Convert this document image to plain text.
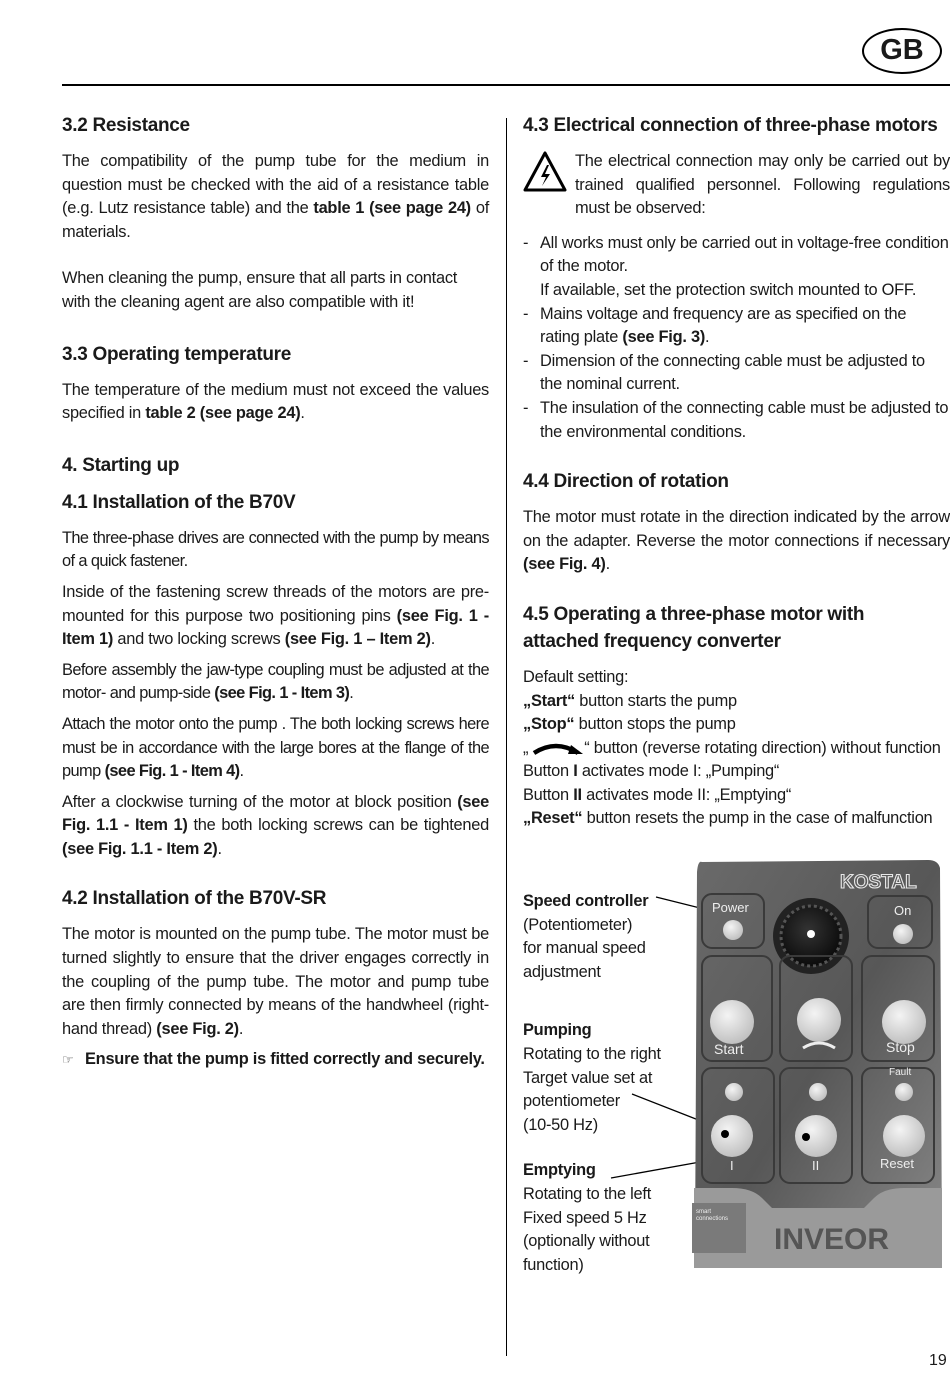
GB
3.2 Resistance

The compatibility of the pump tube for the medium in question must be checked with the aid of a resistance table (e.g. Lutz resistance table) and the table 1 (see page 24) of materials.

When cleaning the pump, ensure that all parts in contact with the cleaning agent are also compatible with it!

3.3 Operating temperature

The temperature of the medium must not exceed the values specified in table 2 (see page 24).

4. Starting up
4.1 Installation of the B70V

The three-phase drives are connected with the pump by means of a quick fastener.

Inside of the fastening screw threads of the motors are pre-mounted for this purpose two positioning pins (see Fig. 1 - Item 1) and two locking screws (see Fig. 1 – Item 2).

Before assembly the jaw-type coupling must be adjusted at the motor- and pump-side (see Fig. 1 - Item 3).

Attach the motor onto the pump . The both locking screws here must be in accordance with the large bores at the flange of the pump (see Fig. 1 - Item 4).

After a clockwise turning of the motor at block position (see Fig. 1.1 - Item 1) the both locking screws can be tightened (see Fig. 1.1 - Item 2).

4.2 Installation of the B70V-SR

The motor is mounted on the pump tube. The motor must be turned slightly to ensure that the driver engages correctly in the coupling of the pump tube. The motor and pump tube are then firmly connected by means of the handwheel (right-hand thread) (see Fig. 2).

☞ Ensure that the pump is fitted correctly and securely.
4.3 Electrical connection of three-phase motors

The electrical connection may only be carried out by trained qualified personnel. Following regulations must be observed:

- All works must only be carried out in voltage-free condition of the motor.
If available, set the protection switch mounted to OFF.
- Mains voltage and frequency are as specified on the rating plate (see Fig. 3).
- Dimension of the connecting cable must be adjusted to the nominal current.
- The insulation of the connecting cable must be adjusted to the environmental conditions.
4.4 Direction of rotation

The motor must rotate in the direction indicated by the arrow on the adapter. Reverse the motor connections if necessary (see Fig. 4).

4.5 Operating a three-phase motor with
attached frequency converter
Default setting:
„Start“ button starts the pump
„Stop“ button stops the pump
„	“ button (reverse rotating direction) without function
Button I activates mode I: „Pumping“
Button II activates mode II: „Emptying“
„Reset“ button resets the pump in the case of malfunction
Speed controller
(Potentiometer)
for manual speed
adjustment
Pumping
Rotating to the right
Target value set at
potentiometer
(10-50 Hz)
Emptying
Rotating to the left
Fixed speed 5 Hz
(optionally without
function)
KOSTAL
Power	On
Start	Stop
Fault
I	II	Reset
smart
connections
INVEOR
19
